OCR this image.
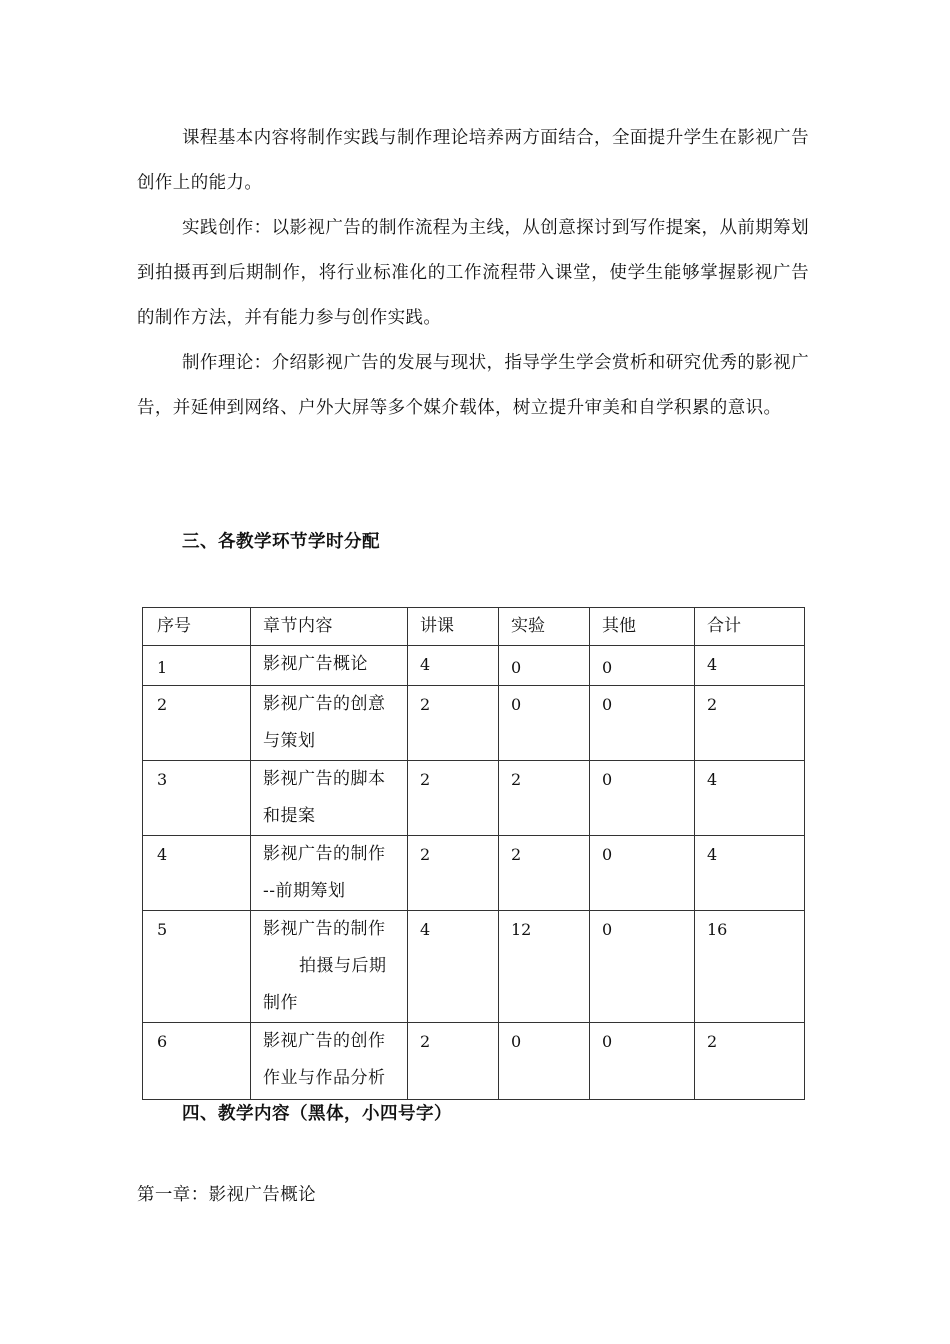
课程基本内容将制作实践与制作理论培养两方面结合，全面提升学生在影视广告创作上的能力。

实践创作：以影视广告的制作流程为主线，从创意探讨到写作提案，从前期筹划到拍摄再到后期制作，将行业标准化的工作流程带入课堂，使学生能够掌握影视广告的制作方法，并有能力参与创作实践。

制作理论：介绍影视广告的发展与现状，指导学生学会赏析和研究优秀的影视广告，并延伸到网络、户外大屏等多个媒介载体，树立提升审美和自学积累的意识。

三、各教学环节学时分配
序号	章节内容	讲课	实验	其他	合计
1	影视广告概论	4	0	0	4
2	影视广告的创意
与策划	2	0	0	2
3	影视广告的脚本
和提案	2	2	0	4
4	影视广告的制作
--前期筹划	2	2	0	4
5	影视广告的制作
拍摄与后期
制作	4	12	0	16
6	影视广告的创作
作业与作品分析	2	0	0	2
四、教学内容（黑体，小四号字）

第一章：影视广告概论
